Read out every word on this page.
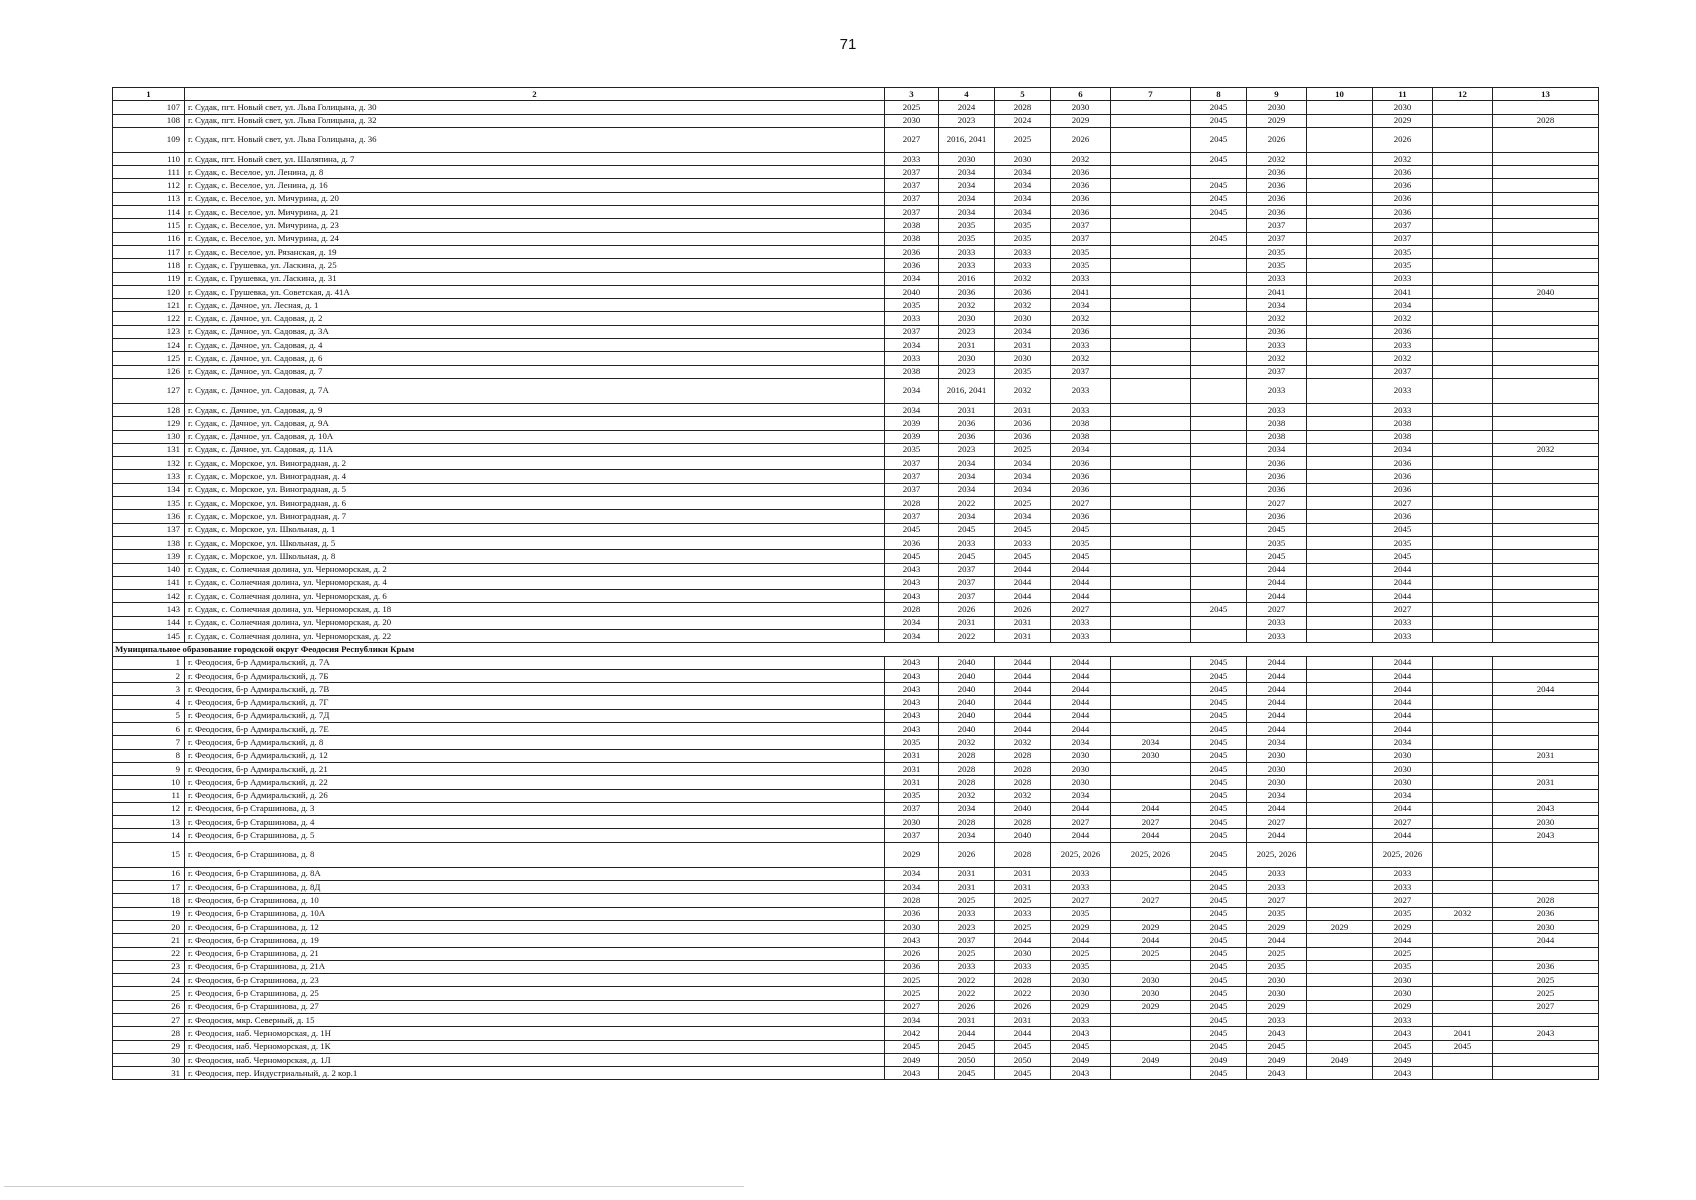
71
1	2	3	4	5	6	7	8	9	10	11	12	13
107	г. Судак, пгт. Новый свет, ул. Льва Голицына, д. 30	2025	2024	2028	2030		2045	2030		2030		
108	г. Судак, пгт. Новый свет, ул. Льва Голицына, д. 32	2030	2023	2024	2029		2045	2029		2029		2028
109	г. Судак, пгт. Новый свет, ул. Льва Голицына, д. 36	2027	2016, 2041	2025	2026		2045	2026		2026		
110	г. Судак, пгт. Новый свет, ул. Шаляпина, д. 7	2033	2030	2030	2032		2045	2032		2032		
111	г. Судак, с. Веселое, ул. Ленина, д. 8	2037	2034	2034	2036			2036		2036		
112	г. Судак, с. Веселое, ул. Ленина, д. 16	2037	2034	2034	2036		2045	2036		2036		
113	г. Судак, с. Веселое, ул. Мичурина, д. 20	2037	2034	2034	2036		2045	2036		2036		
114	г. Судак, с. Веселое, ул. Мичурина, д. 21	2037	2034	2034	2036		2045	2036		2036		
115	г. Судак, с. Веселое, ул. Мичурина, д. 23	2038	2035	2035	2037			2037		2037		
116	г. Судак, с. Веселое, ул. Мичурина, д. 24	2038	2035	2035	2037		2045	2037		2037		
117	г. Судак, с. Веселое, ул. Рязанская, д. 19	2036	2033	2033	2035			2035		2035		
118	г. Судак, с. Грушевка, ул. Ласкина, д. 25	2036	2033	2033	2035			2035		2035		
119	г. Судак, с. Грушевка, ул. Ласкина, д. 31	2034	2016	2032	2033			2033		2033		
120	г. Судак, с. Грушевка, ул. Советская, д. 41А	2040	2036	2036	2041			2041		2041		2040
121	г. Судак, с. Дачное, ул. Лесная, д. 1	2035	2032	2032	2034			2034		2034		
122	г. Судак, с. Дачное, ул. Садовая, д. 2	2033	2030	2030	2032			2032		2032		
123	г. Судак, с. Дачное, ул. Садовая, д. 3А	2037	2023	2034	2036			2036		2036		
124	г. Судак, с. Дачное, ул. Садовая, д. 4	2034	2031	2031	2033			2033		2033		
125	г. Судак, с. Дачное, ул. Садовая, д. 6	2033	2030	2030	2032			2032		2032		
126	г. Судак, с. Дачное, ул. Садовая, д. 7	2038	2023	2035	2037			2037		2037		
127	г. Судак, с. Дачное, ул. Садовая, д. 7А	2034	2016, 2041	2032	2033			2033		2033		
128	г. Судак, с. Дачное, ул. Садовая, д. 9	2034	2031	2031	2033			2033		2033		
129	г. Судак, с. Дачное, ул. Садовая, д. 9А	2039	2036	2036	2038			2038		2038		
130	г. Судак, с. Дачное, ул. Садовая, д. 10А	2039	2036	2036	2038			2038		2038		
131	г. Судак, с. Дачное, ул. Садовая, д. 11А	2035	2023	2025	2034			2034		2034		2032
132	г. Судак, с. Морское, ул. Виноградная, д. 2	2037	2034	2034	2036			2036		2036		
133	г. Судак, с. Морское, ул. Виноградная, д. 4	2037	2034	2034	2036			2036		2036		
134	г. Судак, с. Морское, ул. Виноградная, д. 5	2037	2034	2034	2036			2036		2036		
135	г. Судак, с. Морское, ул. Виноградная, д. 6	2028	2022	2025	2027			2027		2027		
136	г. Судак, с. Морское, ул. Виноградная, д. 7	2037	2034	2034	2036			2036		2036		
137	г. Судак, с. Морское, ул. Школьная, д. 1	2045	2045	2045	2045			2045		2045		
138	г. Судак, с. Морское, ул. Школьная, д. 5	2036	2033	2033	2035			2035		2035		
139	г. Судак, с. Морское, ул. Школьная, д. 8	2045	2045	2045	2045			2045		2045		
140	г. Судак, с. Солнечная долина, ул. Черноморская, д. 2	2043	2037	2044	2044			2044		2044		
141	г. Судак, с. Солнечная долина, ул. Черноморская, д. 4	2043	2037	2044	2044			2044		2044		
142	г. Судак, с. Солнечная долина, ул. Черноморская, д. 6	2043	2037	2044	2044			2044		2044		
143	г. Судак, с. Солнечная долина, ул. Черноморская, д. 18	2028	2026	2026	2027		2045	2027		2027		
144	г. Судак, с. Солнечная долина, ул. Черноморская, д. 20	2034	2031	2031	2033			2033		2033		
145	г. Судак, с. Солнечная долина, ул. Черноморская, д. 22	2034	2022	2031	2033			2033		2033		
Муниципальное образование городской округ Феодосия Республики Крым												
1	г. Феодосия, б-р Адмиральский, д. 7А	2043	2040	2044	2044		2045	2044		2044		
2	г. Феодосия, б-р Адмиральский, д. 7Б	2043	2040	2044	2044		2045	2044		2044		
3	г. Феодосия, б-р Адмиральский, д. 7В	2043	2040	2044	2044		2045	2044		2044		2044
4	г. Феодосия, б-р Адмиральский, д. 7Г	2043	2040	2044	2044		2045	2044		2044		
5	г. Феодосия, б-р Адмиральский, д. 7Д	2043	2040	2044	2044		2045	2044		2044		
6	г. Феодосия, б-р Адмиральский, д. 7Е	2043	2040	2044	2044		2045	2044		2044		
7	г. Феодосия, б-р Адмиральский, д. 8	2035	2032	2032	2034	2034	2045	2034		2034		
8	г. Феодосия, б-р Адмиральский, д. 12	2031	2028	2028	2030	2030	2045	2030		2030		2031
9	г. Феодосия, б-р Адмиральский, д. 21	2031	2028	2028	2030		2045	2030		2030		
10	г. Феодосия, б-р Адмиральский, д. 22	2031	2028	2028	2030		2045	2030		2030		2031
11	г. Феодосия, б-р Адмиральский, д. 26	2035	2032	2032	2034		2045	2034		2034		
12	г. Феодосия, б-р Старшинова, д. 3	2037	2034	2040	2044	2044	2045	2044		2044		2043
13	г. Феодосия, б-р Старшинова, д. 4	2030	2028	2028	2027	2027	2045	2027		2027		2030
14	г. Феодосия, б-р Старшинова, д. 5	2037	2034	2040	2044	2044	2045	2044		2044		2043
15	г. Феодосия, б-р Старшинова, д. 8	2029	2026	2028	2025, 2026	2025, 2026	2045	2025, 2026		2025, 2026		
16	г. Феодосия, б-р Старшинова, д. 8А	2034	2031	2031	2033		2045	2033		2033		
17	г. Феодосия, б-р Старшинова, д. 8Д	2034	2031	2031	2033		2045	2033		2033		
18	г. Феодосия, б-р Старшинова, д. 10	2028	2025	2025	2027	2027	2045	2027		2027		2028
19	г. Феодосия, б-р Старшинова, д. 10А	2036	2033	2033	2035		2045	2035		2035	2032	2036
20	г. Феодосия, б-р Старшинова, д. 12	2030	2023	2025	2029	2029	2045	2029	2029	2029		2030
21	г. Феодосия, б-р Старшинова, д. 19	2043	2037	2044	2044	2044	2045	2044		2044		2044
22	г. Феодосия, б-р Старшинова, д. 21	2026	2025	2030	2025	2025	2045	2025		2025		
23	г. Феодосия, б-р Старшинова, д. 21А	2036	2033	2033	2035		2045	2035		2035		2036
24	г. Феодосия, б-р Старшинова, д. 23	2025	2022	2028	2030	2030	2045	2030		2030		2025
25	г. Феодосия, б-р Старшинова, д. 25	2025	2022	2022	2030	2030	2045	2030		2030		2025
26	г. Феодосия, б-р Старшинова, д. 27	2027	2026	2026	2029	2029	2045	2029		2029		2027
27	г. Феодосия, мкр. Северный, д. 15	2034	2031	2031	2033		2045	2033		2033		
28	г. Феодосия, наб. Черноморская, д. 1Н	2042	2044	2044	2043		2045	2043		2043	2041	2043
29	г. Феодосия, наб. Черноморская, д. 1К	2045	2045	2045	2045		2045	2045		2045	2045	
30	г. Феодосия, наб. Черноморская, д. 1Л	2049	2050	2050	2049	2049	2049	2049	2049	2049		
31	г. Феодосия, пер. Индустриальный, д. 2 кор.1	2043	2045	2045	2043		2045	2043		2043		
